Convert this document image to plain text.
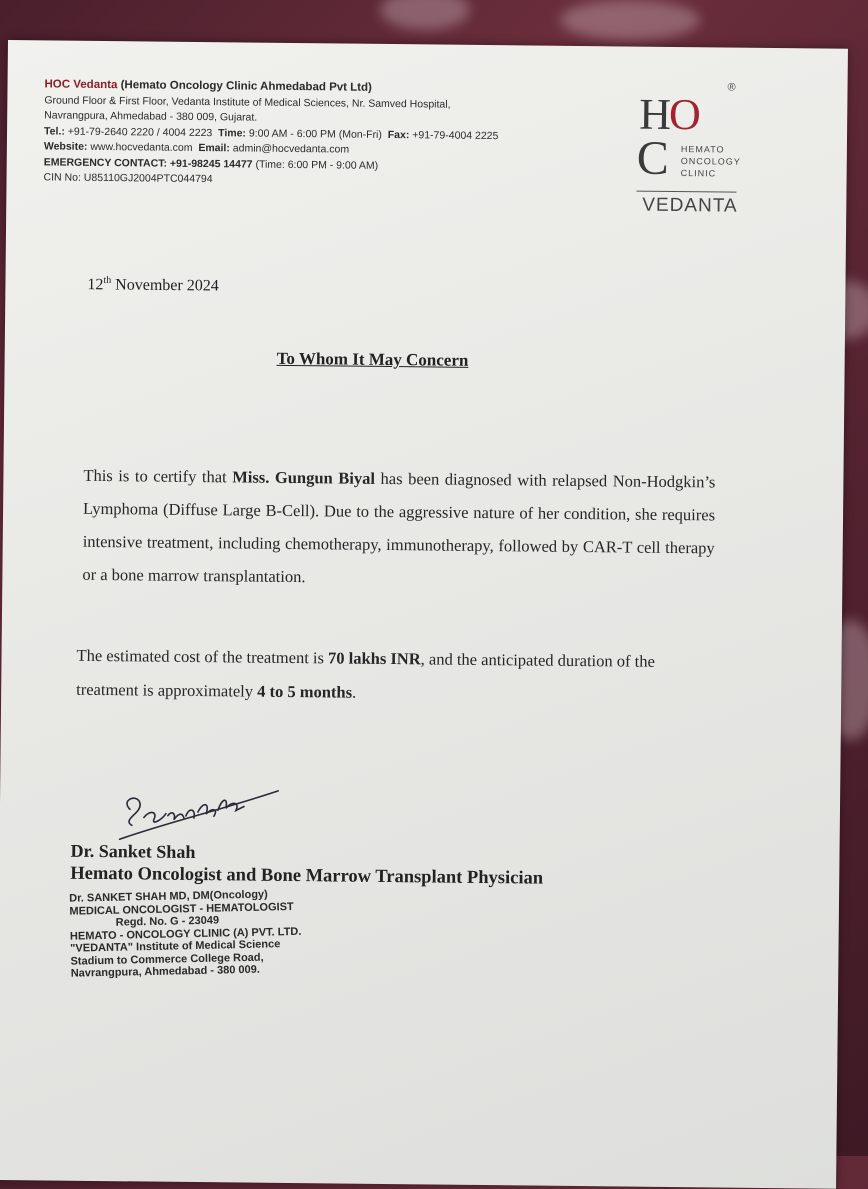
HOC Vedanta (Hemato Oncology Clinic Ahmedabad Pvt Ltd)
Ground Floor & First Floor, Vedanta Institute of Medical Sciences, Nr. Samved Hospital,
Navrangpura, Ahmedabad - 380 009, Gujarat.
Tel.: +91-79-2640 2220 / 4004 2223 Time: 9:00 AM - 6:00 PM (Mon-Fri) Fax: +91-79-4004 2225
Website: www.hocvedanta.com Email: admin@hocvedanta.com
EMERGENCY CONTACT: +91-98245 14477 (Time: 6:00 PM - 9:00 AM)
CIN No: U85110GJ2004PTC044794
®
HO
C HEMATO
ONCOLOGY
CLINIC
VEDANTA
12th November 2024
To Whom It May Concern
This is to certify that Miss. Gungun Biyal has been diagnosed with relapsed Non-Hodgkin’s Lymphoma (Diffuse Large B-Cell). Due to the aggressive nature of her condition, she requires intensive treatment, including chemotherapy, immunotherapy, followed by CAR-T cell therapy or a bone marrow transplantation.
The estimated cost of the treatment is 70 lakhs INR, and the anticipated duration of the treatment is approximately 4 to 5 months.
Dr. Sanket Shah
Hemato Oncologist and Bone Marrow Transplant Physician
Dr. SANKET SHAH MD, DM(Oncology)
MEDICAL ONCOLOGIST - HEMATOLOGIST
Regd. No. G - 23049
HEMATO - ONCOLOGY CLINIC (A) PVT. LTD.
"VEDANTA" Institute of Medical Science
Stadium to Commerce College Road,
Navrangpura, Ahmedabad - 380 009.
